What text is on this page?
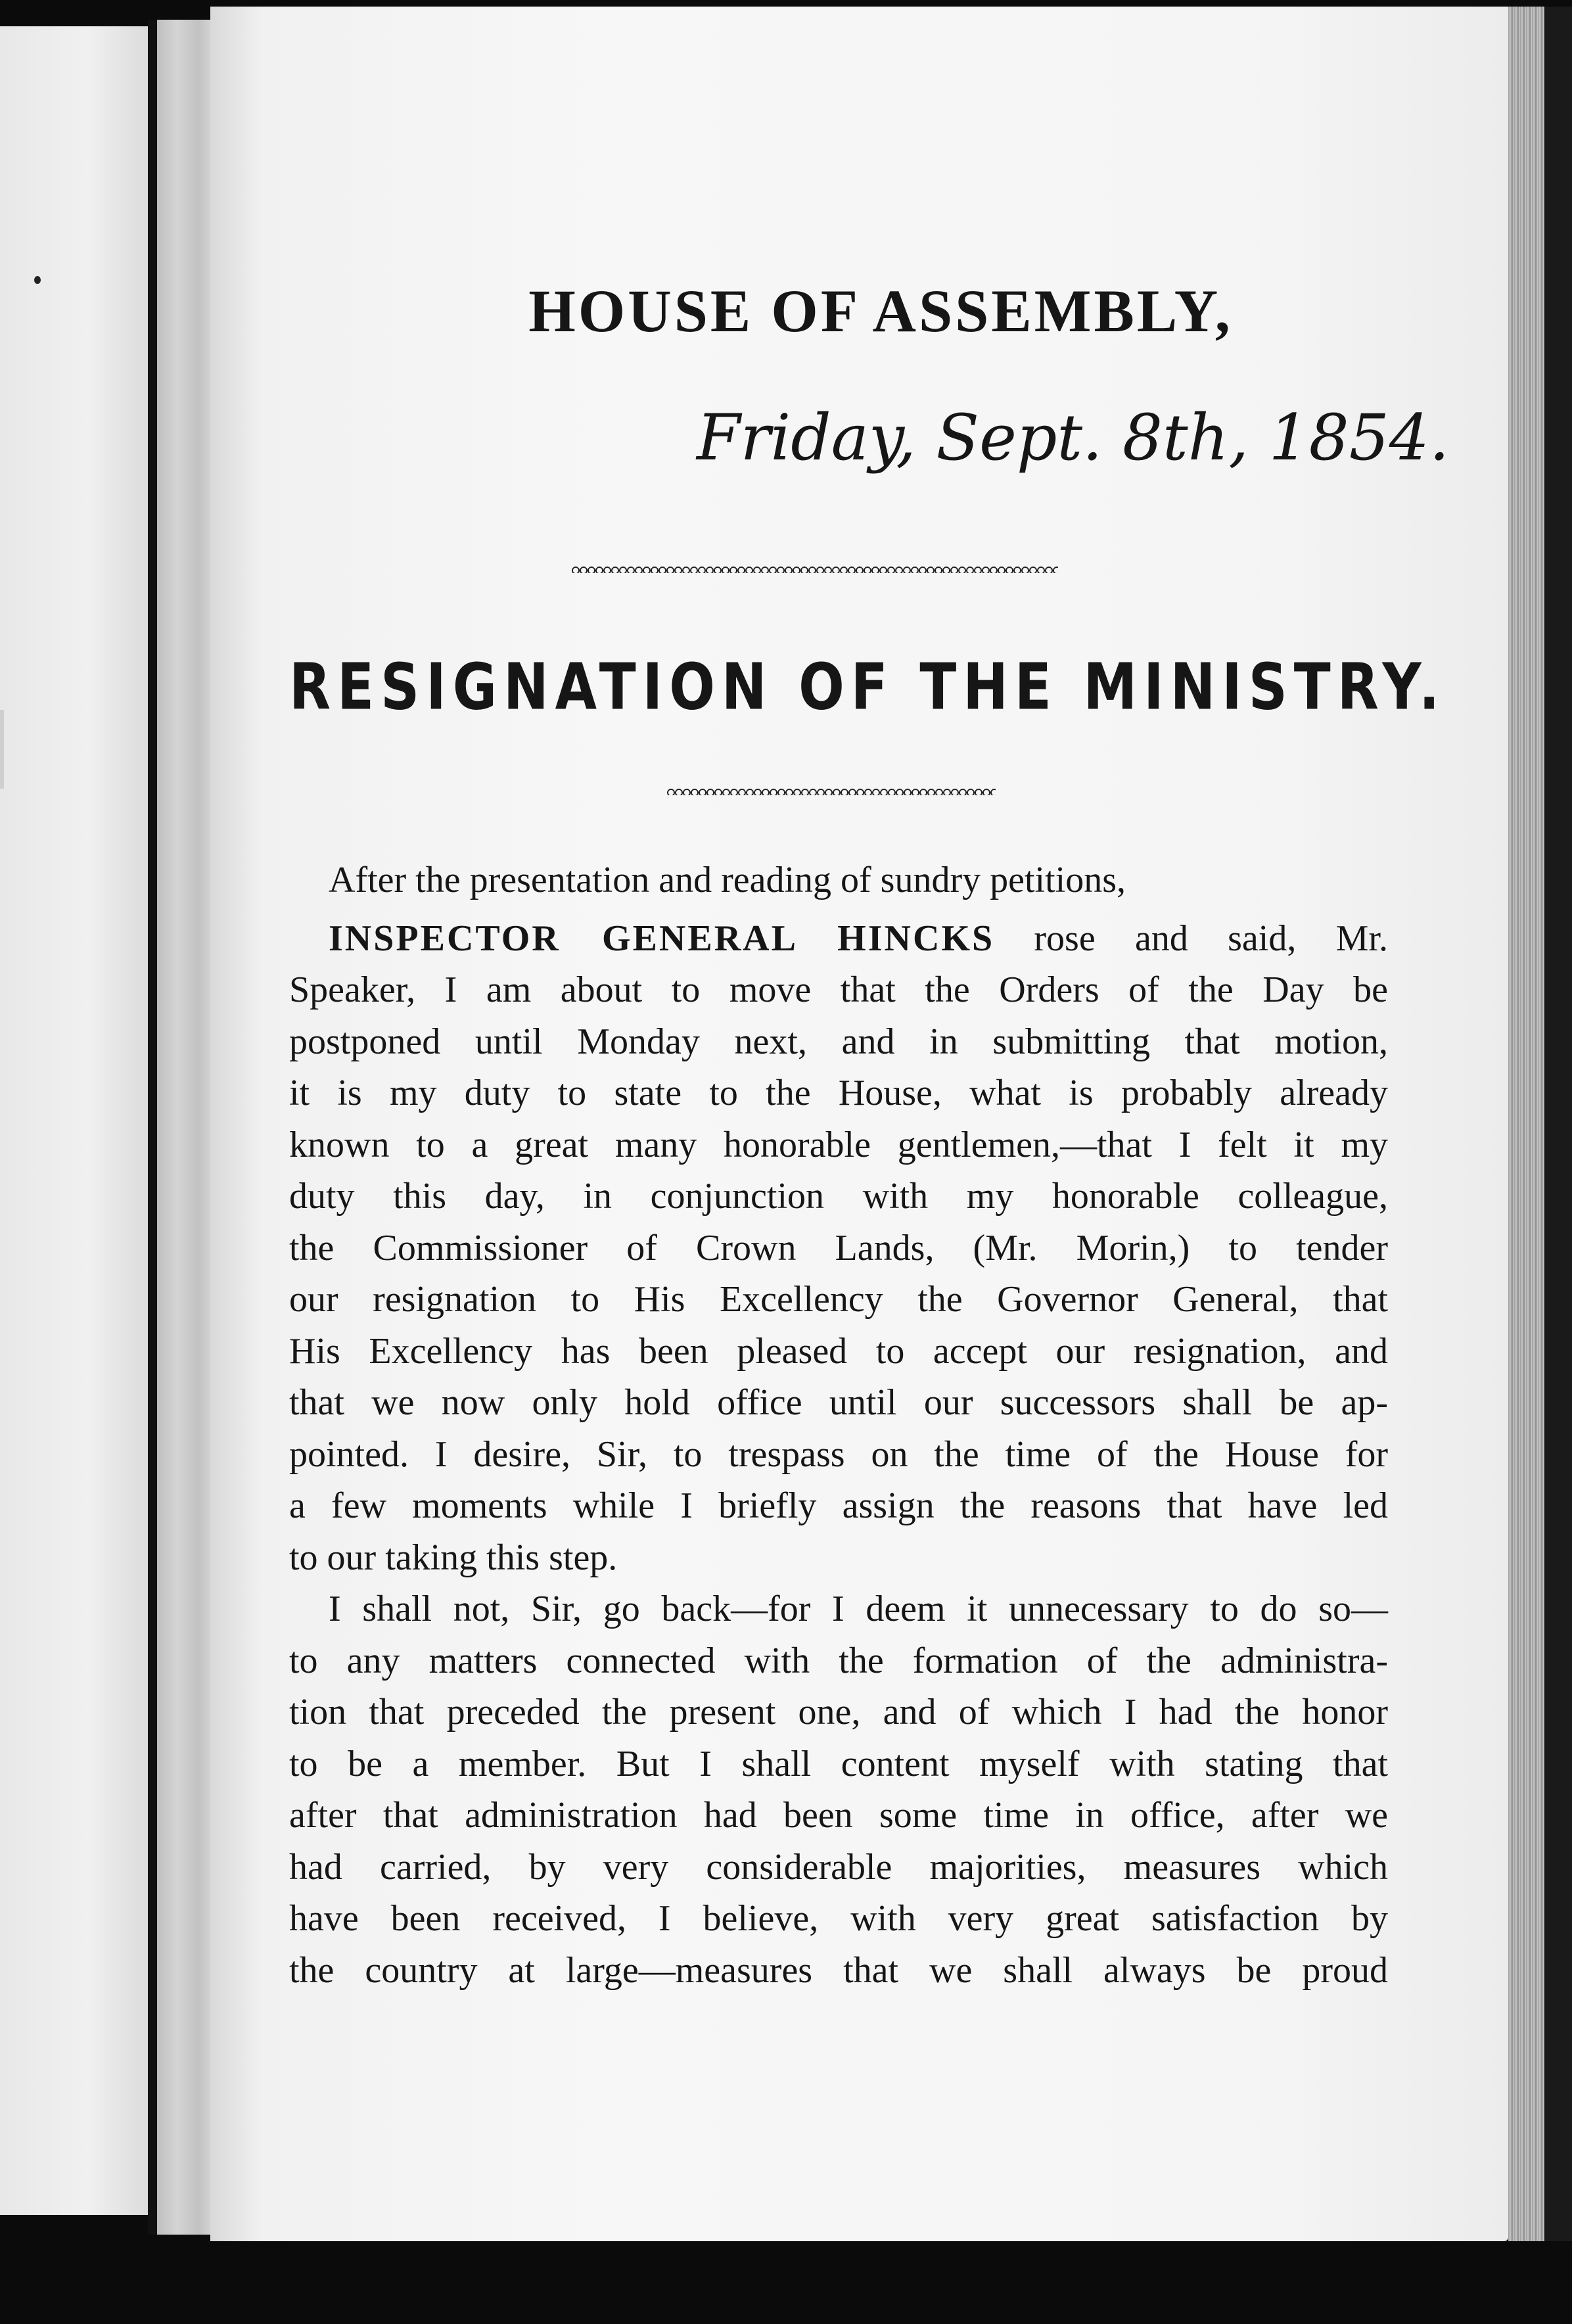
HOUSE OF ASSEMBLY,
Friday, Sept. 8th, 1854.
RESIGNATION OF THE MINISTRY.
After the presentation and reading of sundry petitions,
INSPECTOR GENERAL HINCKS rose and said, Mr.
Speaker, I am about to move that the Orders of the Day be
postponed until Monday next, and in submitting that motion,
it is my duty to state to the House, what is probably already
known to a great many honorable gentlemen,—that I felt it my
duty this day, in conjunction with my honorable colleague,
the Commissioner of Crown Lands, (Mr. Morin,) to tender
our resignation to His Excellency the Governor General, that
His Excellency has been pleased to accept our resignation, and
that we now only hold office until our successors shall be ap-
pointed. I desire, Sir, to trespass on the time of the House for
a few moments while I briefly assign the reasons that have led
to our taking this step.
I shall not, Sir, go back—for I deem it unnecessary to do so—
to any matters connected with the formation of the administra-
tion that preceded the present one, and of which I had the honor
to be a member. But I shall content myself with stating that
after that administration had been some time in office, after we
had carried, by very considerable majorities, measures which
have been received, I believe, with very great satisfaction by
the country at large—measures that we shall always be proud
